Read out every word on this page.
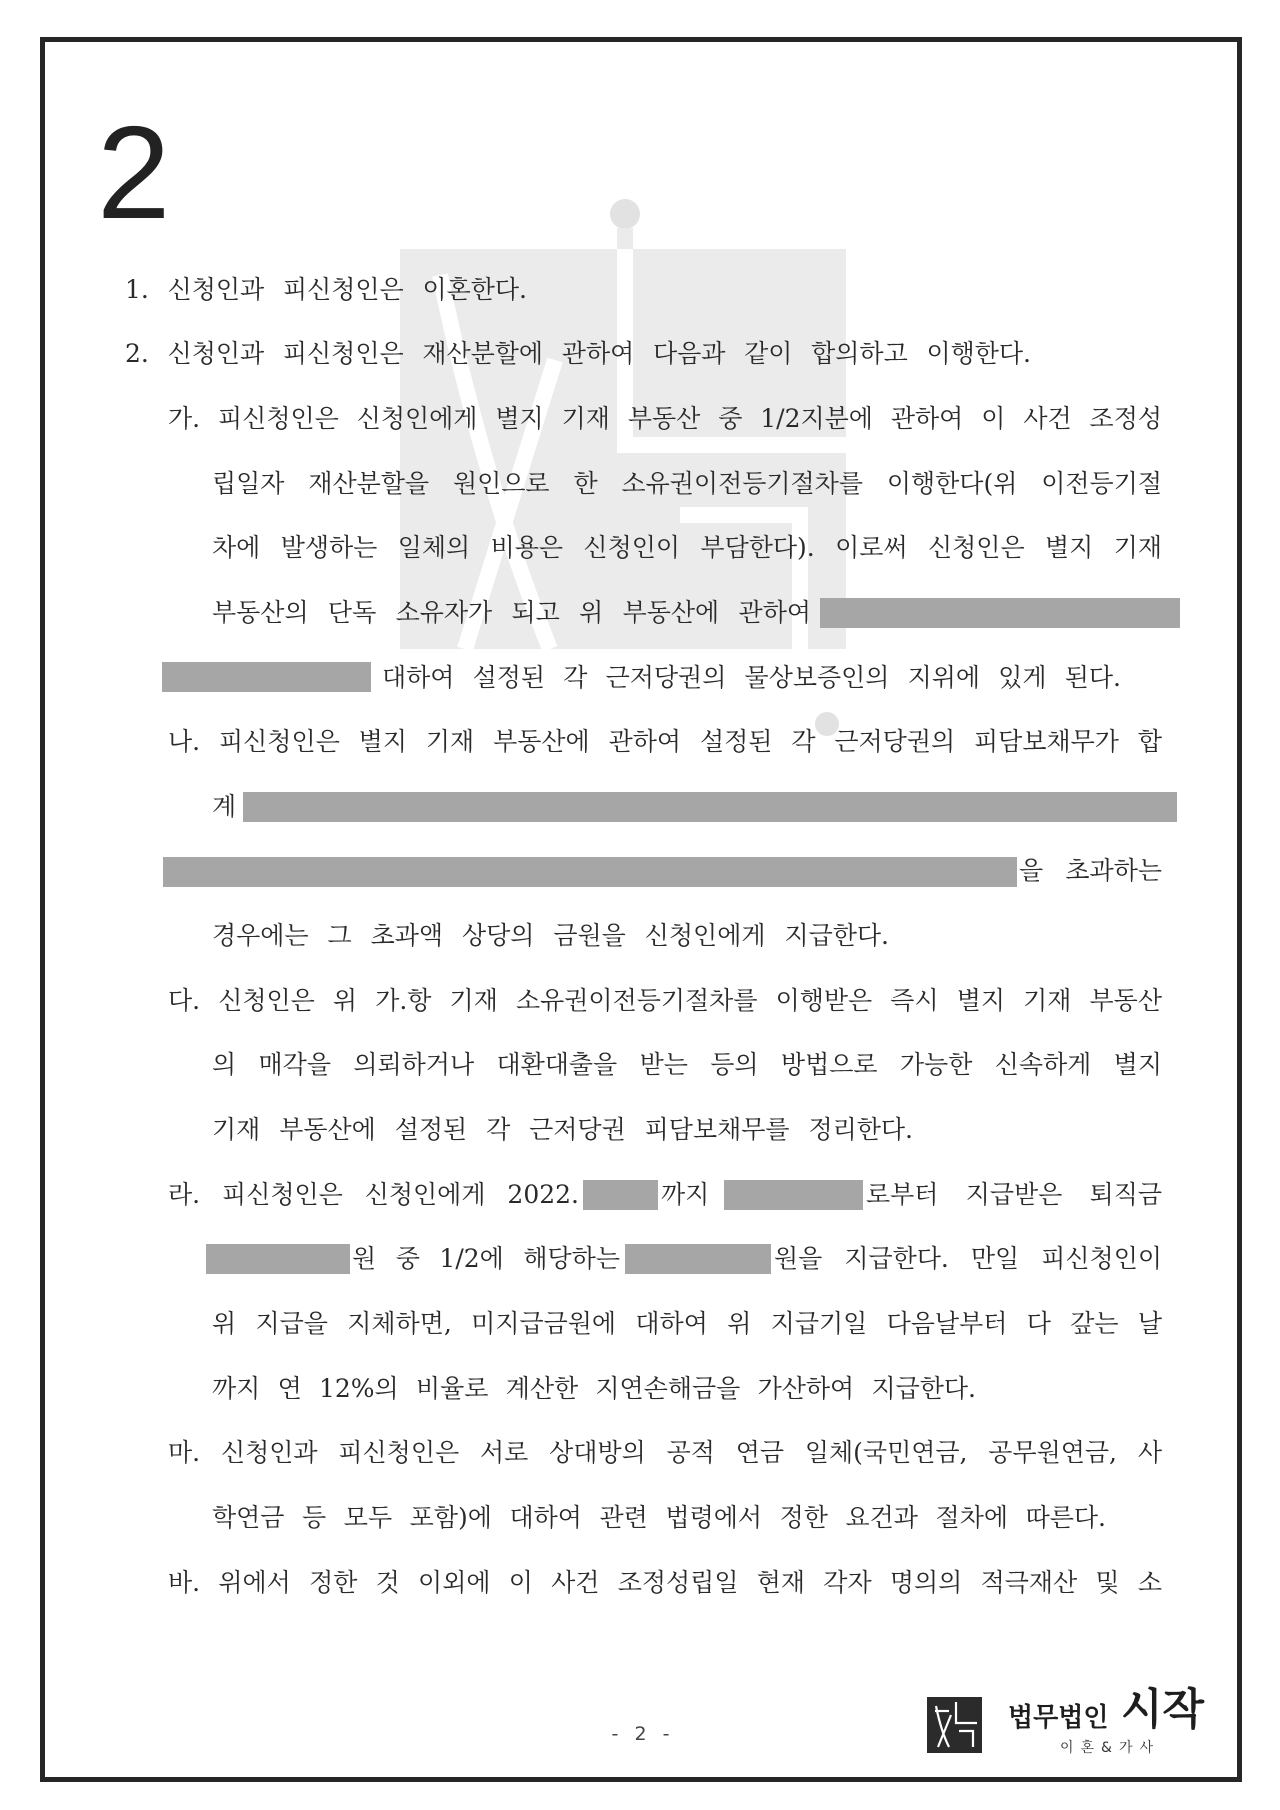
2
1. 신청인과 피신청인은 이혼한다.
2. 신청인과 피신청인은 재산분할에 관하여 다음과 같이 합의하고 이행한다.
가. 피신청인은 신청인에게 별지 기재 부동산 중 1/2지분에 관하여 이 사건 조정성
립일자 재산분할을 원인으로 한 소유권이전등기절차를 이행한다(위 이전등기절
차에 발생하는 일체의 비용은 신청인이 부담한다). 이로써 신청인은 별지 기재
부동산의 단독 소유자가 되고 위 부동산에 관하여
대하여 설정된 각 근저당권의 물상보증인의 지위에 있게 된다.
나. 피신청인은 별지 기재 부동산에 관하여 설정된 각 근저당권의 피담보채무가 합
계
을 초과하는
경우에는 그 초과액 상당의 금원을 신청인에게 지급한다.
다. 신청인은 위 가.항 기재 소유권이전등기절차를 이행받은 즉시 별지 기재 부동산
의 매각을 의뢰하거나 대환대출을 받는 등의 방법으로 가능한 신속하게 별지
기재 부동산에 설정된 각 근저당권 피담보채무를 정리한다.
라. 피신청인은 신청인에게 2022.	까지	로부터 지급받은 퇴직금
원 중 1/2에 해당하는	원을 지급한다. 만일 피신청인이
위 지급을 지체하면, 미지급금원에 대하여 위 지급기일 다음날부터 다 갚는 날
까지 연 12%의 비율로 계산한 지연손해금을 가산하여 지급한다.
마. 신청인과 피신청인은 서로 상대방의 공적 연금 일체(국민연금, 공무원연금, 사
학연금 등 모두 포함)에 대하여 관련 법령에서 정한 요건과 절차에 따른다.
바. 위에서 정한 것 이외에 이 사건 조정성립일 현재 각자 명의의 적극재산 및 소
- 2 -
법무법인 시작
이혼&가사
